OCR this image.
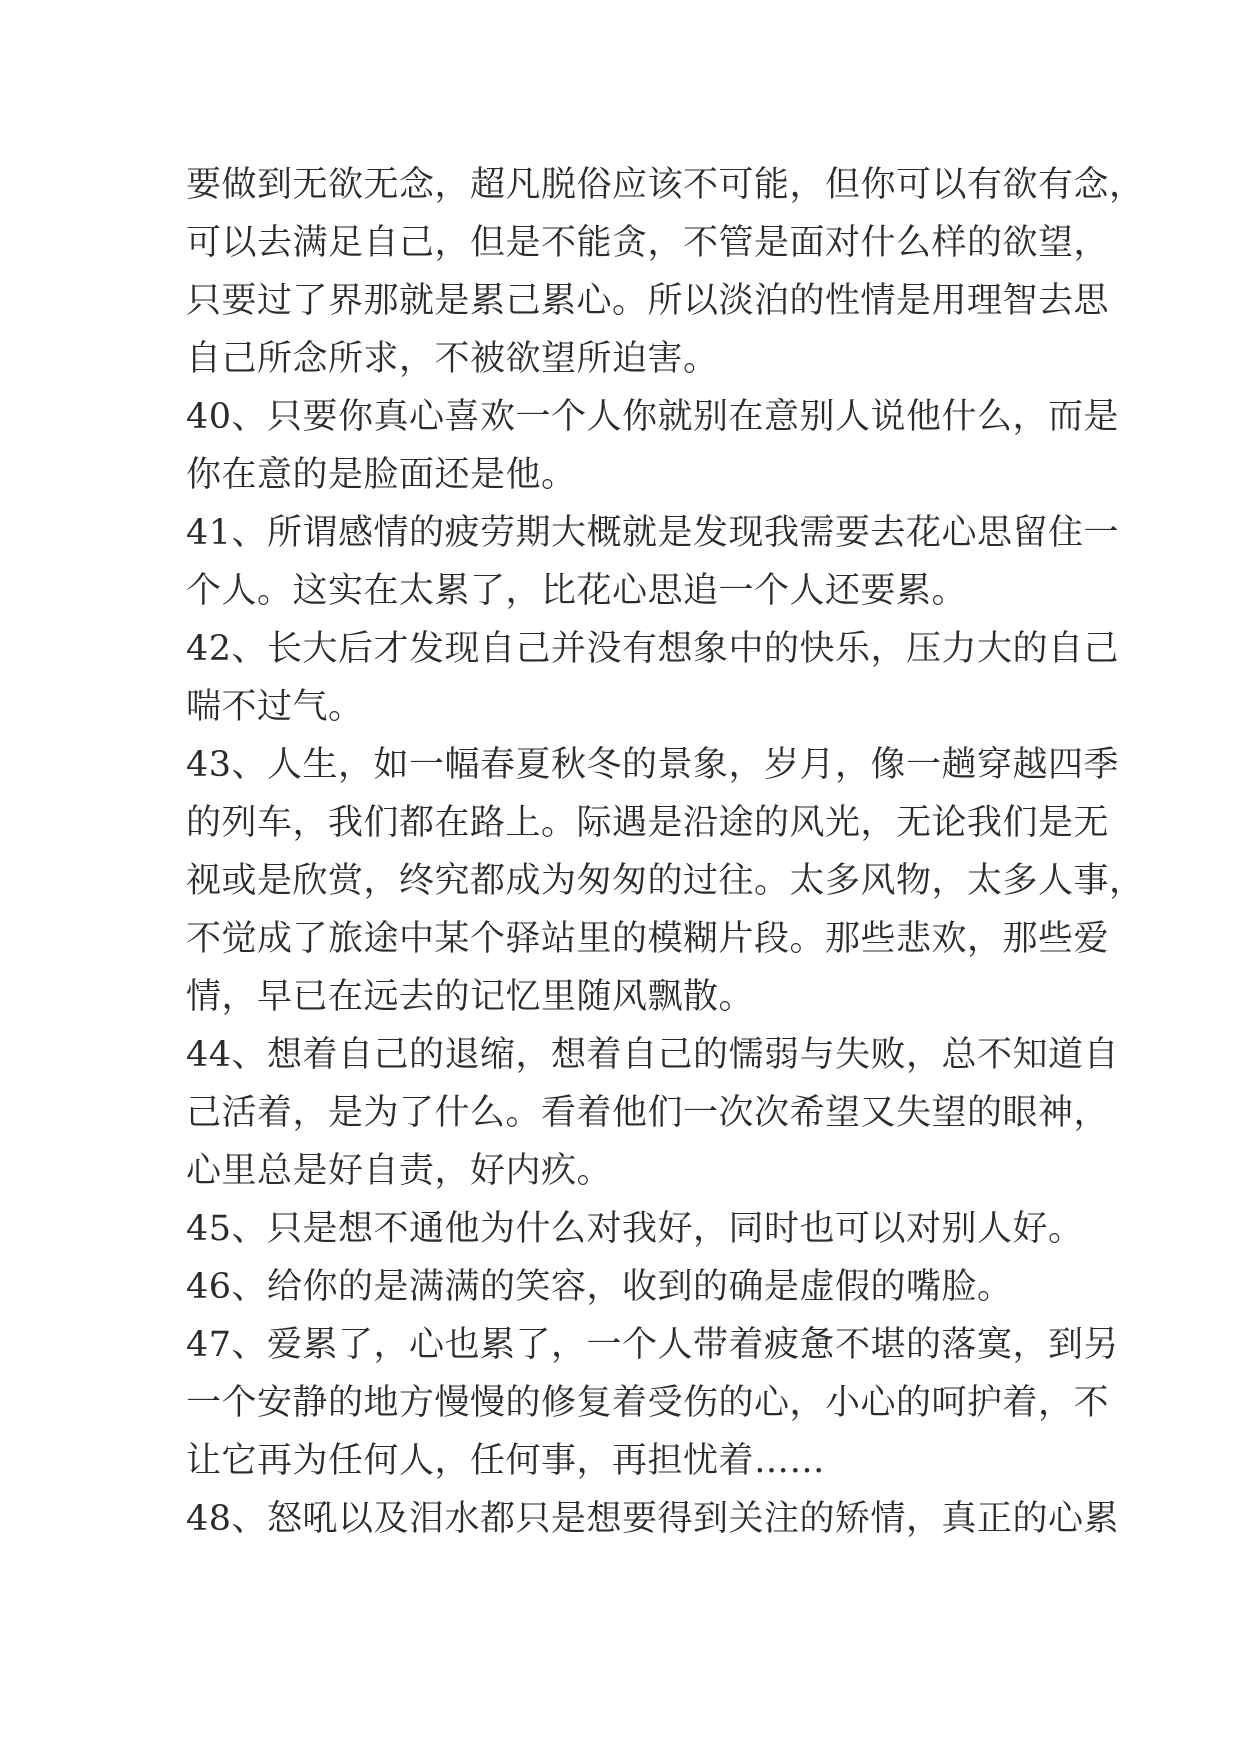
要做到无欲无念，超凡脱俗应该不可能，但你可以有欲有念，
可以去满足自己，但是不能贪，不管是面对什么样的欲望，
只要过了界那就是累己累心。所以淡泊的性情是用理智去思
自己所念所求，不被欲望所迫害。
40、只要你真心喜欢一个人你就别在意别人说他什么，而是
你在意的是脸面还是他。
41、所谓感情的疲劳期大概就是发现我需要去花心思留住一
个人。这实在太累了，比花心思追一个人还要累。
42、长大后才发现自己并没有想象中的快乐，压力大的自己
喘不过气。
43、人生，如一幅春夏秋冬的景象，岁月，像一趟穿越四季
的列车，我们都在路上。际遇是沿途的风光，无论我们是无
视或是欣赏，终究都成为匆匆的过往。太多风物，太多人事，
不觉成了旅途中某个驿站里的模糊片段。那些悲欢，那些爱
情，早已在远去的记忆里随风飘散。
44、想着自己的退缩，想着自己的懦弱与失败，总不知道自
己活着，是为了什么。看着他们一次次希望又失望的眼神，
心里总是好自责，好内疚。
45、只是想不通他为什么对我好，同时也可以对别人好。
46、给你的是满满的笑容，收到的确是虚假的嘴脸。
47、爱累了，心也累了，一个人带着疲惫不堪的落寞，到另
一个安静的地方慢慢的修复着受伤的心，小心的呵护着，不
让它再为任何人，任何事，再担忧着……
48、怒吼以及泪水都只是想要得到关注的矫情，真正的心累
